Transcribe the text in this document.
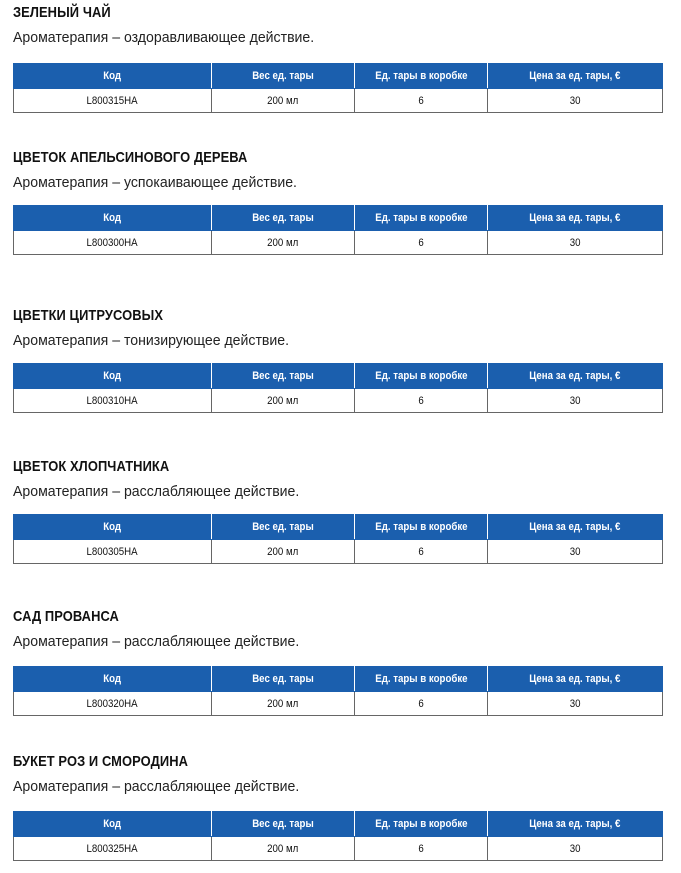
ЗЕЛЕНЫЙ ЧАЙ
Ароматерапия – оздоравливающее действие.
Код	Вес ед. тары	Ед. тары в коробке	Цена за ед. тары, €
L800315HA	200 мл	6	30
ЦВЕТОК АПЕЛЬСИНОВОГО ДЕРЕВА
Ароматерапия – успокаивающее действие.
Код	Вес ед. тары	Ед. тары в коробке	Цена за ед. тары, €
L800300HA	200 мл	6	30
ЦВЕТКИ ЦИТРУСОВЫХ
Ароматерапия – тонизирующее действие.
Код	Вес ед. тары	Ед. тары в коробке	Цена за ед. тары, €
L800310HA	200 мл	6	30
ЦВЕТОК ХЛОПЧАТНИКА
Ароматерапия – расслабляющее действие.
Код	Вес ед. тары	Ед. тары в коробке	Цена за ед. тары, €
L800305HA	200 мл	6	30
САД ПРОВАНСА
Ароматерапия – расслабляющее действие.
Код	Вес ед. тары	Ед. тары в коробке	Цена за ед. тары, €
L800320HA	200 мл	6	30
БУКЕТ РОЗ И СМОРОДИНА
Ароматерапия – расслабляющее действие.
Код	Вес ед. тары	Ед. тары в коробке	Цена за ед. тары, €
L800325HA	200 мл	6	30
